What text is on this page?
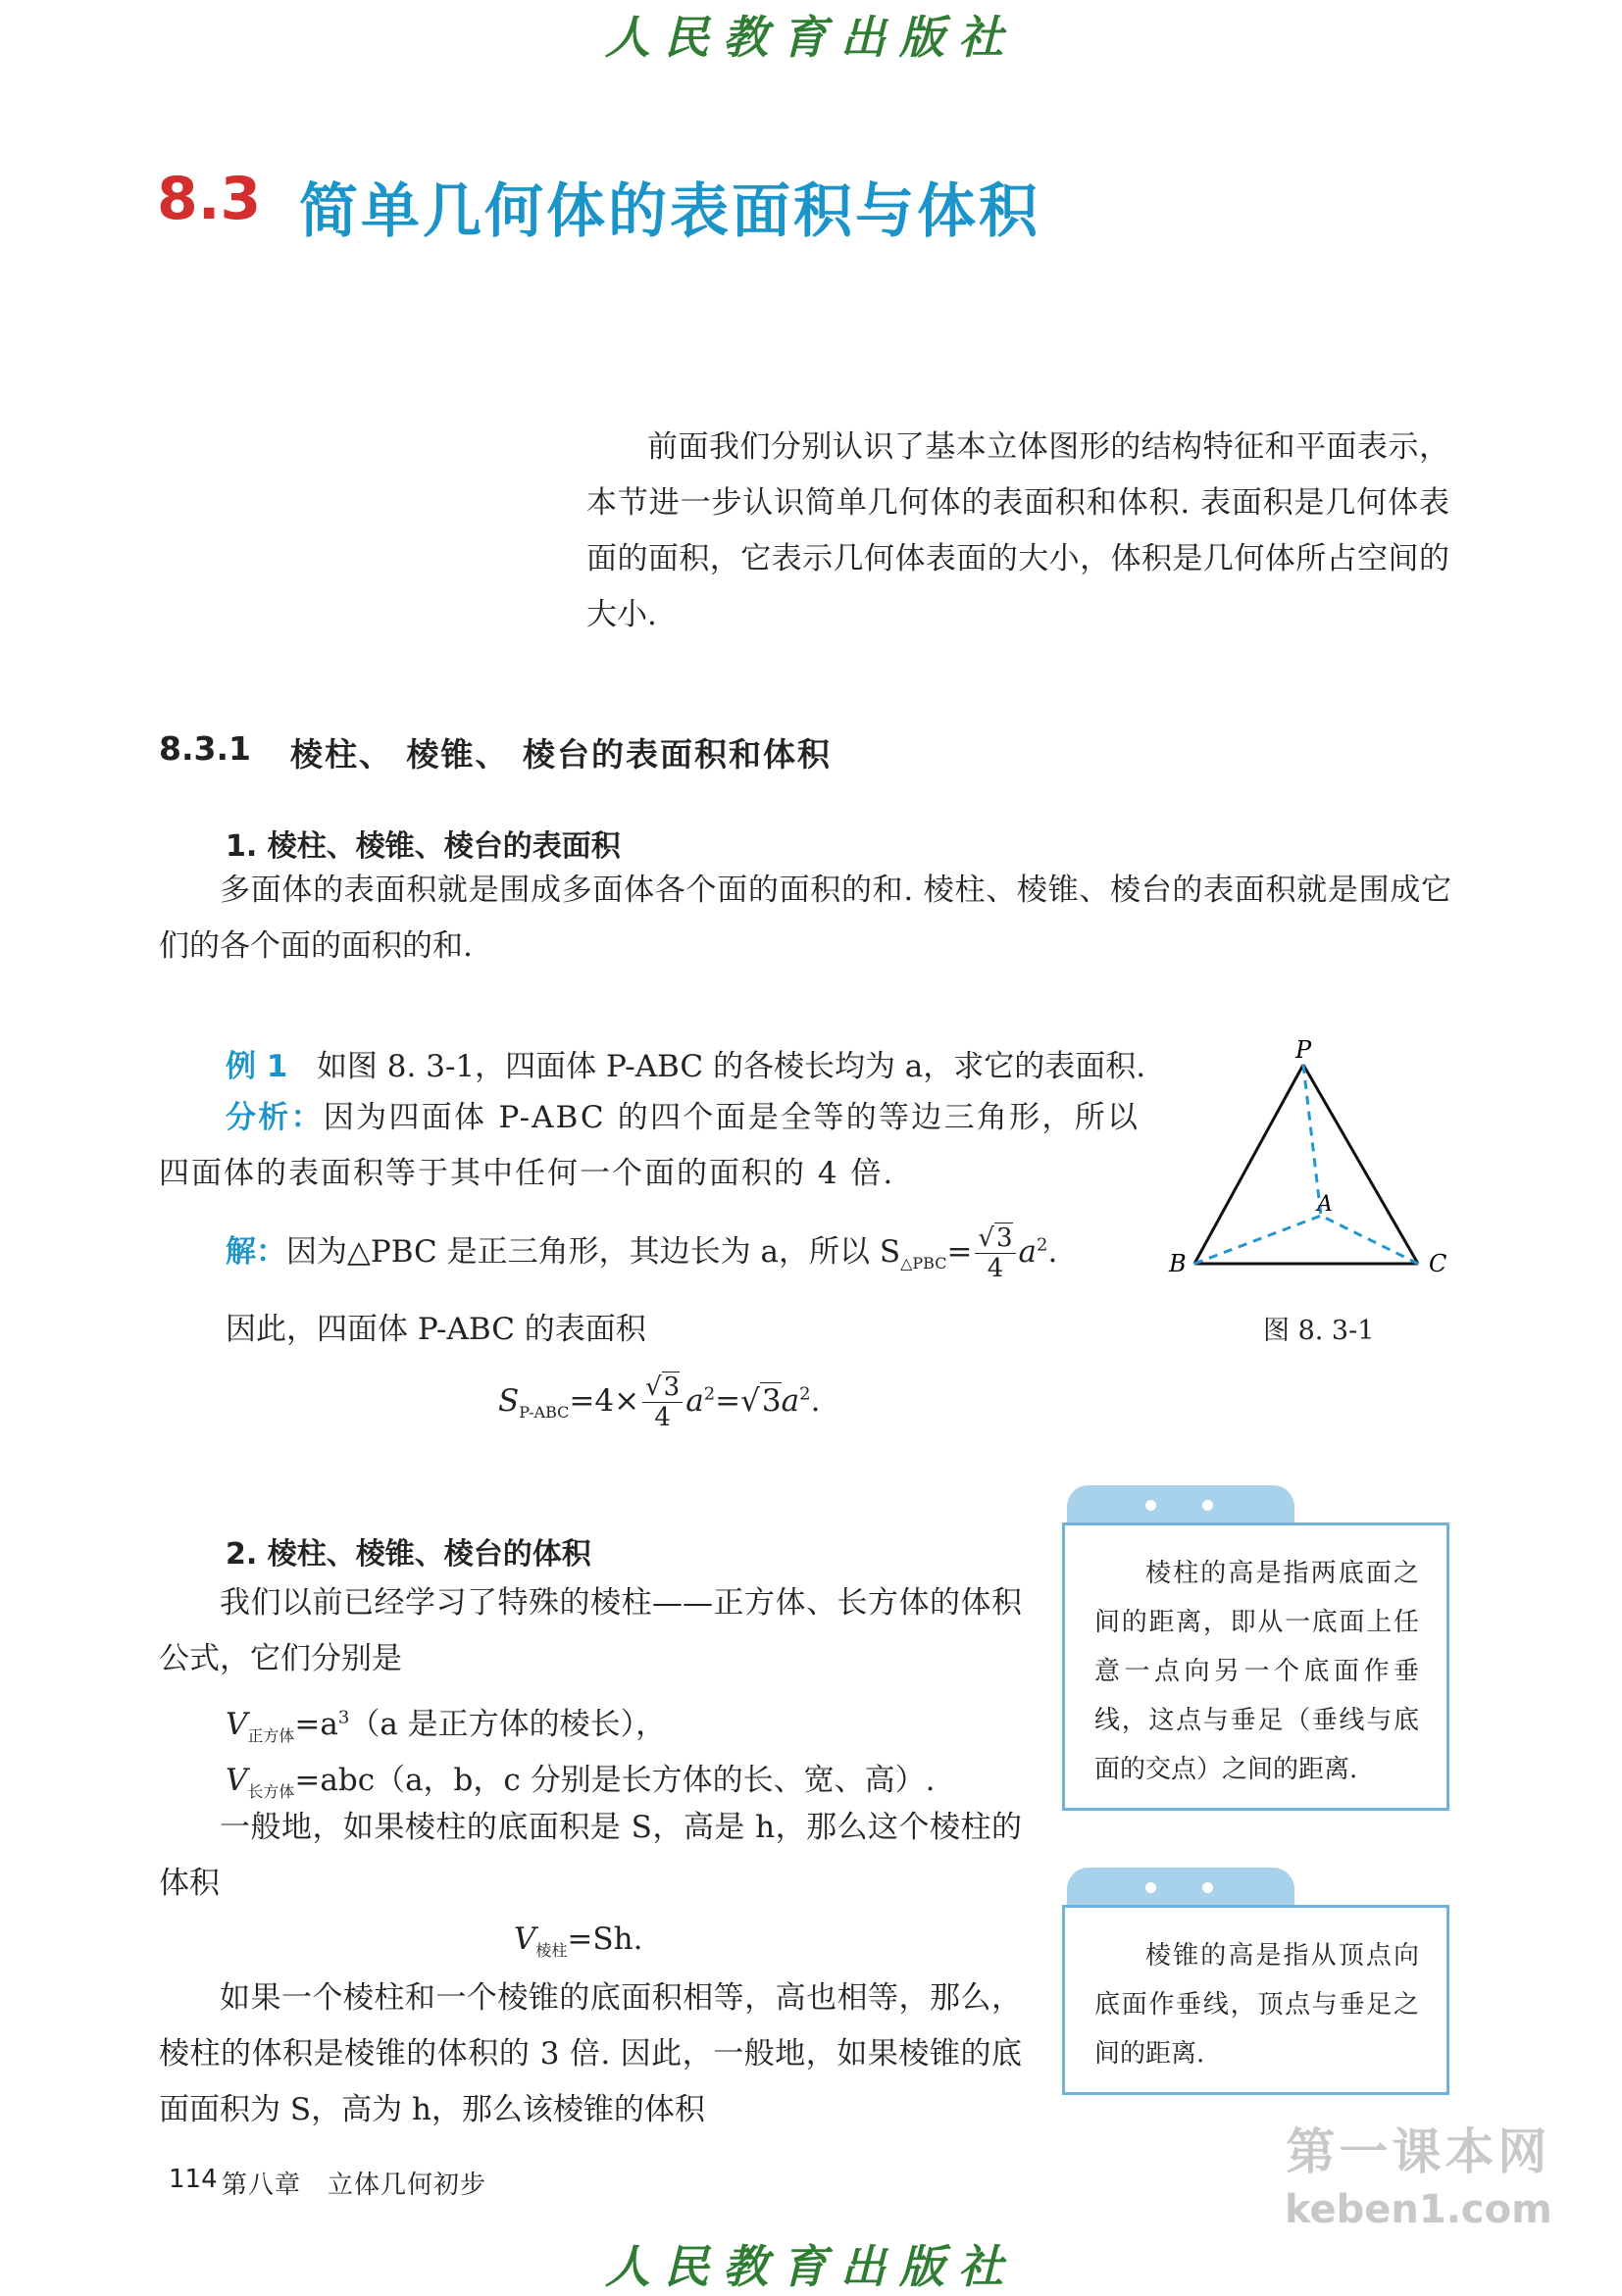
人民教育出版社
8.3 简单几何体的表面积与体积
前面我们分别认识了基本立体图形的结构特征和平面表示，本节进一步认识简单几何体的表面积和体积. 表面积是几何体表面的面积，它表示几何体表面的大小，体积是几何体所占空间的大小.
8.3.1 棱柱、 棱锥、 棱台的表面积和体积
1. 棱柱、棱锥、棱台的表面积
多面体的表面积就是围成多面体各个面的面积的和. 棱柱、棱锥、棱台的表面积就是围成它们的各个面的面积的和.
例 1 如图 8. 3-1，四面体 P-ABC 的各棱长均为 a，求它的表面积.
分析：因为四面体 P-ABC 的四个面是全等的等边三角形，所以四面体的表面积等于其中任何一个面的面积的 4 倍.
解：因为△PBC 是正三角形，其边长为 a，所以 $S_{\triangle PBC}= \frac{√3}{4} a^2$.
因此，四面体 P-ABC 的表面积
$S_{P-ABC}=4\times \frac{√3}{4} a^2=√3a^2$.
P
A
B	C
图 8. 3-1
2. 棱柱、棱锥、棱台的体积
我们以前已经学习了特殊的棱柱——正方体、长方体的体积公式，它们分别是
$V_{正方体}=a^3(a$ 是正方体的棱长），
$V_{长方体}=abc(a$，b，c 分别是长方体的长、宽、高）.
一般地，如果棱柱的底面积是 S，高是 h，那么这个棱柱的体积
$V_{棱柱}=Sh$.
如果一个棱柱和一个棱锥的底面积相等，高也相等，那么，棱柱的体积是棱锥的体积的 3 倍. 因此，一般地，如果棱锥的底面面积为 S，高为 h，那么该棱锥的体积
棱柱的高是指两底面之间的距离，即从一底面上任意一点向另一个底面作垂线，这点与垂足（垂线与底面的交点）之间的距离.
棱锥的高是指从顶点向底面作垂线，顶点与垂足之间的距离.
114 第八章　立体几何初步
第一课本网
keben1.com
人民教育出版社
